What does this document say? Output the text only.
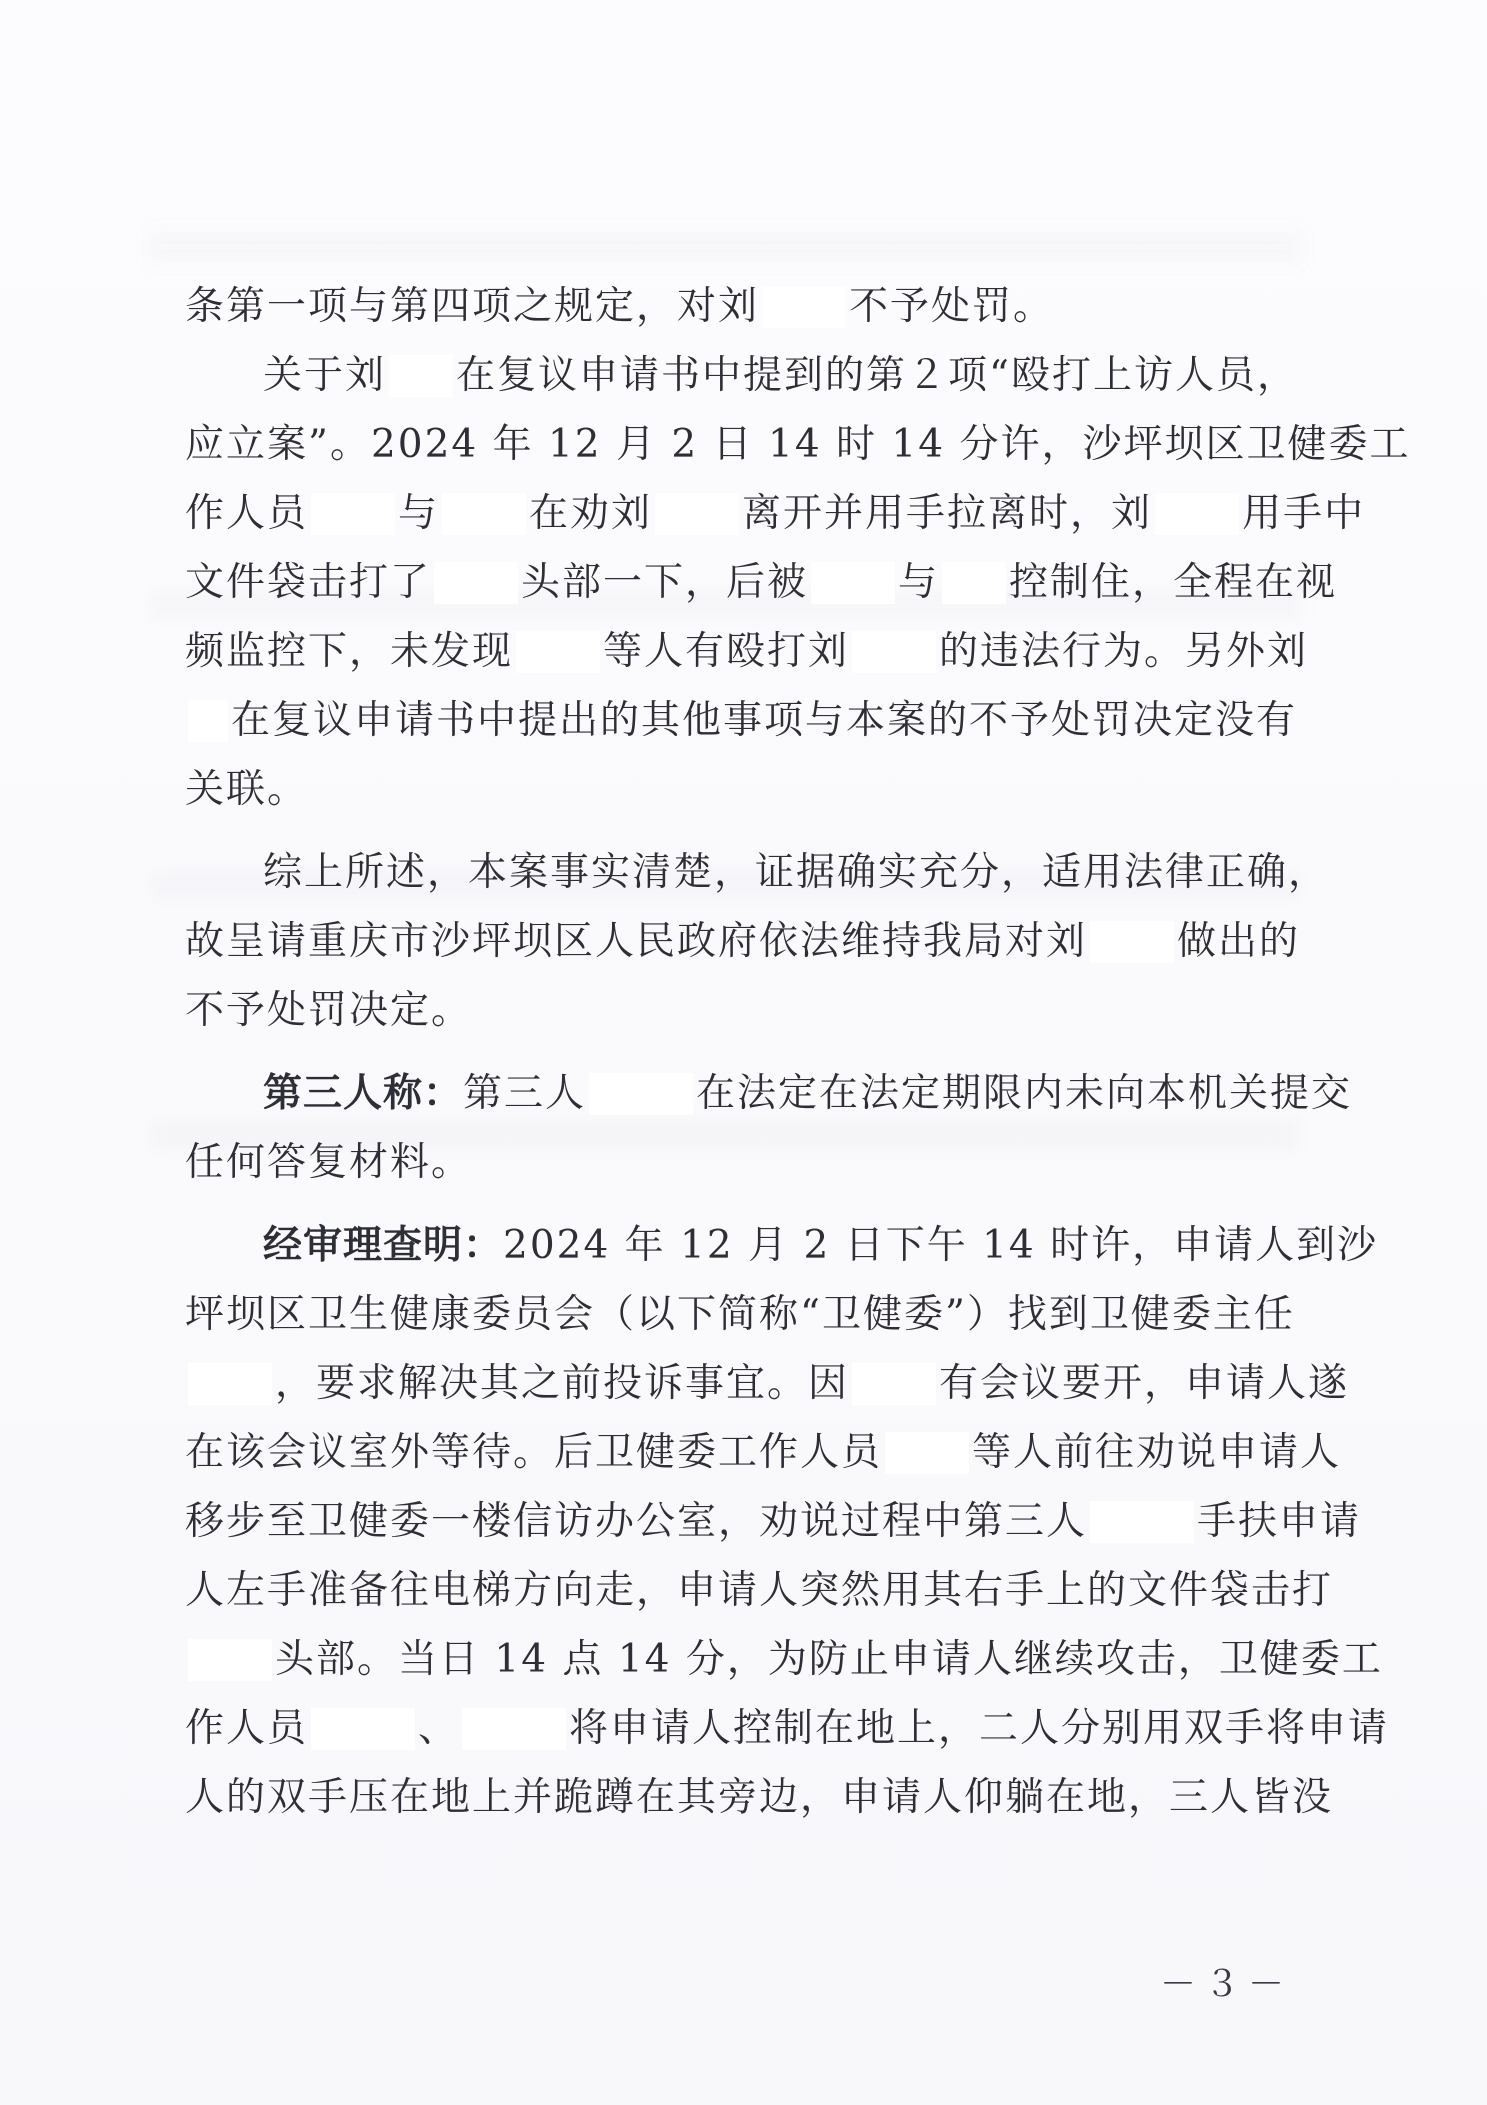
条第一项与第四项之规定，对刘 不予处罚。
关于刘 在复议申请书中提到的第２项“殴打上访人员，
应立案”。2024 年 12 月 2 日 14 时 14 分许，沙坪坝区卫健委工
作人员 与 在劝刘 离开并用手拉离时，刘 用手中
文件袋击打了 头部一下，后被 与 控制住，全程在视
频监控下，未发现 等人有殴打刘 的违法行为。另外刘
在复议申请书中提出的其他事项与本案的不予处罚决定没有
关联。
综上所述，本案事实清楚，证据确实充分，适用法律正确，
故呈请重庆市沙坪坝区人民政府依法维持我局对刘 做出的
不予处罚决定。
第三人称：第三人	在法定在法定期限内未向本机关提交
任何答复材料。
经审理查明：2024 年 12 月 2 日下午 14 时许，申请人到沙
坪坝区卫生健康委员会（以下简称“卫健委”）找到卫健委主任
，要求解决其之前投诉事宜。因 有会议要开，申请人遂
在该会议室外等待。后卫健委工作人员 等人前往劝说申请人
移步至卫健委一楼信访办公室，劝说过程中第三人	手扶申请
人左手准备往电梯方向走，申请人突然用其右手上的文件袋击打
头部。当日 14 点 14 分，为防止申请人继续攻击，卫健委工
作人员	、	将申请人控制在地上，二人分别用双手将申请
人的双手压在地上并跪蹲在其旁边，申请人仰躺在地，三人皆没
－３－
